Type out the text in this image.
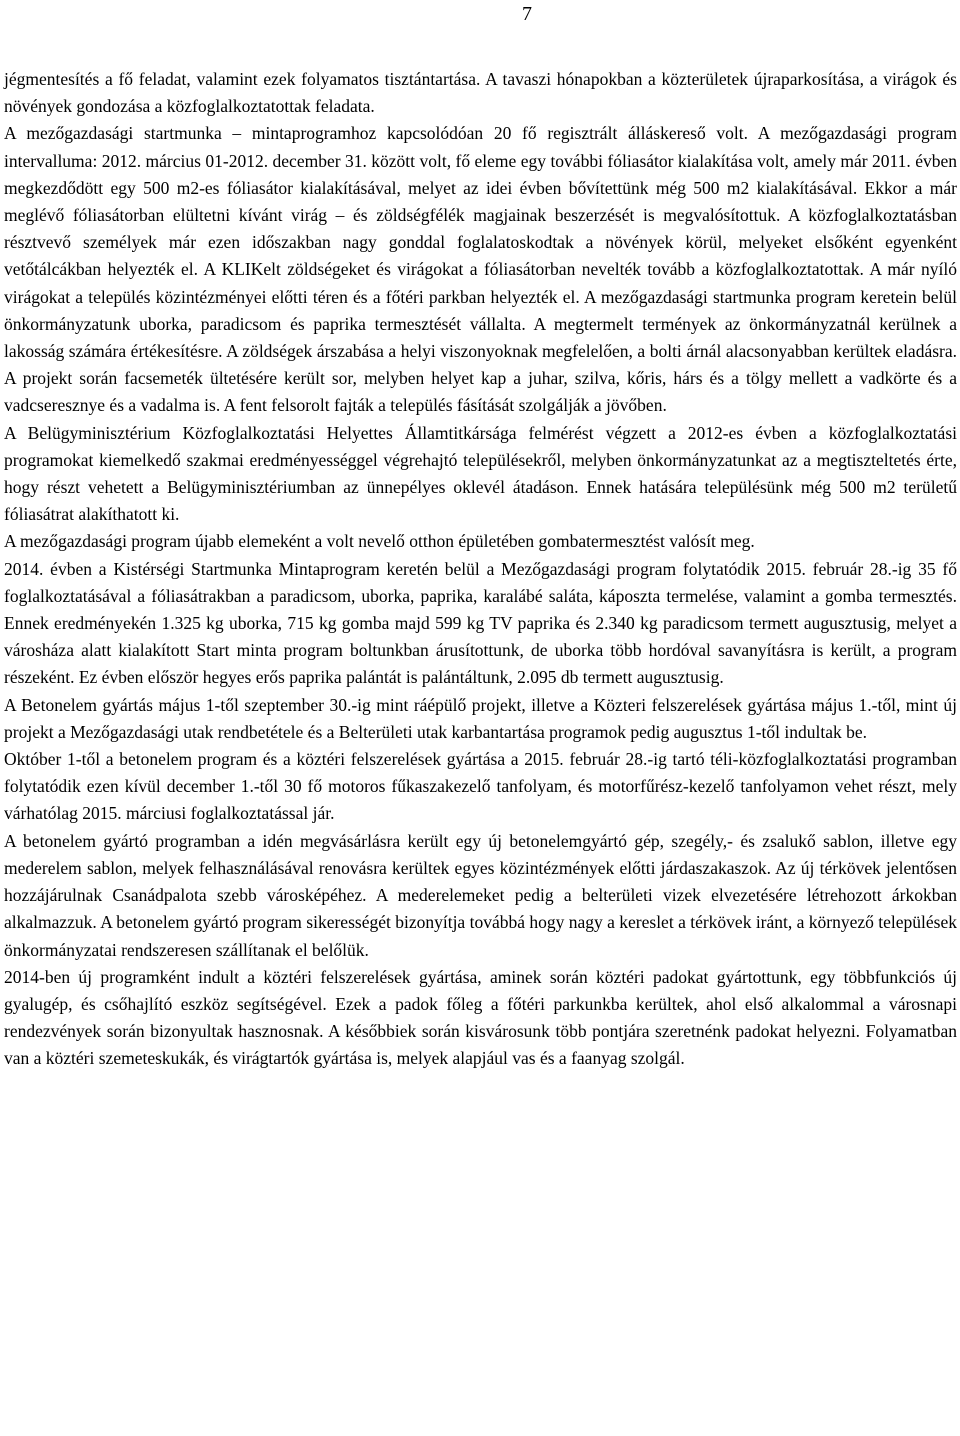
7

jégmentesítés a fő feladat, valamint ezek folyamatos tisztántartása. A tavaszi hónapokban a közterületek újraparkosítása, a virágok és növények gondozása a közfoglalkoztatottak feladata.

A mezőgazdasági startmunka – mintaprogramhoz kapcsolódóan 20 fő regisztrált álláskereső volt. A mezőgazdasági program intervalluma: 2012. március 01-2012. december 31. között volt, fő eleme egy további fóliasátor kialakítása volt, amely már 2011. évben megkezdődött egy 500 m2-es fóliasátor kialakításával, melyet az idei évben bővítettünk még 500 m2 kialakításával. Ekkor a már meglévő fóliasátorban elültetni kívánt virág – és zöldségfélék magjainak beszerzését is megvalósítottuk. A közfoglalkoztatásban résztvevő személyek már ezen időszakban nagy gonddal foglalatoskodtak a növények körül, melyeket elsőként egyenként vetőtálcákban helyezték el. A KLIKelt zöldségeket és virágokat a fóliasátorban nevelték tovább a közfoglalkoztatottak. A már nyíló virágokat a település közintézményei előtti téren és a főtéri parkban helyezték el. A mezőgazdasági startmunka program keretein belül önkormányzatunk uborka, paradicsom és paprika termesztését vállalta. A megtermelt termények az önkormányzatnál kerülnek a lakosság számára értékesítésre. A zöldségek árszabása a helyi viszonyoknak megfelelően, a bolti árnál alacsonyabban kerültek eladásra. A projekt során facsemeték ültetésére került sor, melyben helyet kap a juhar, szilva, kőris, hárs és a tölgy mellett a vadkörte és a vadcseresznye és a vadalma is. A fent felsorolt fajták a település fásítását szolgálják a jövőben.

A Belügyminisztérium Közfoglalkoztatási Helyettes Államtitkársága felmérést végzett a 2012-es évben a közfoglalkoztatási programokat kiemelkedő szakmai eredményességgel végrehajtó településekről, melyben önkormányzatunkat az a megtiszteltetés érte, hogy részt vehetett a Belügyminisztériumban az ünnepélyes oklevél átadáson. Ennek hatására településünk még 500 m2 területű fóliasátrat alakíthatott ki.

A mezőgazdasági program újabb elemeként a volt nevelő otthon épületében gombatermesztést valósít meg.

2014. évben a Kistérségi Startmunka Mintaprogram keretén belül a Mezőgazdasági program folytatódik 2015. február 28.-ig 35 fő foglalkoztatásával a fóliasátrakban a paradicsom, uborka, paprika, karalábé saláta, káposzta termelése, valamint a gomba termesztés. Ennek eredményekén 1.325 kg uborka, 715 kg gomba majd 599 kg TV paprika és 2.340 kg paradicsom termett augusztusig, melyet a városháza alatt kialakított Start minta program boltunkban árusítottunk, de uborka több hordóval savanyításra is került, a program részeként. Ez évben először hegyes erős paprika palántát is palántáltunk, 2.095 db termett augusztusig.

A Betonelem gyártás május 1-től szeptember 30.-ig mint ráépülő projekt, illetve a Közteri felszerelések gyártása május 1.-től, mint új projekt a Mezőgazdasági utak rendbetétele és a Belterületi utak karbantartása programok pedig augusztus 1-től indultak be.

Október 1-től a betonelem program és a köztéri felszerelések gyártása a 2015. február 28.-ig tartó téli-közfoglalkoztatási programban folytatódik ezen kívül december 1.-től 30 fő motoros fűkaszakezelő tanfolyam, és motorfűrész-kezelő tanfolyamon vehet részt, mely várhatólag 2015. márciusi foglalkoztatással jár.

A betonelem gyártó programban a idén megvásárlásra került egy új betonelemgyártó gép, szegély,- és zsalukő sablon, illetve egy mederelem sablon, melyek felhasználásával renovásra kerültek egyes közintézmények előtti járdaszakaszok. Az új térkövek jelentősen hozzájárulnak Csanádpalota szebb városképéhez. A mederelemeket pedig a belterületi vizek elvezetésére létrehozott árkokban alkalmazzuk. A betonelem gyártó program sikerességét bizonyítja továbbá hogy nagy a kereslet a térkövek iránt, a környező települések önkormányzatai rendszeresen szállítanak el belőlük.

2014-ben új programként indult a köztéri felszerelések gyártása, aminek során köztéri padokat gyártottunk, egy többfunkciós új gyalugép, és csőhajlító eszköz segítségével. Ezek a padok főleg a főtéri parkunkba kerültek, ahol első alkalommal a városnapi rendezvények során bizonyultak hasznosnak. A későbbiek során kisvárosunk több pontjára szeretnénk padokat helyezni. Folyamatban van a köztéri szemeteskukák, és virágtartók gyártása is, melyek alapjául vas és a faanyag szolgál.
